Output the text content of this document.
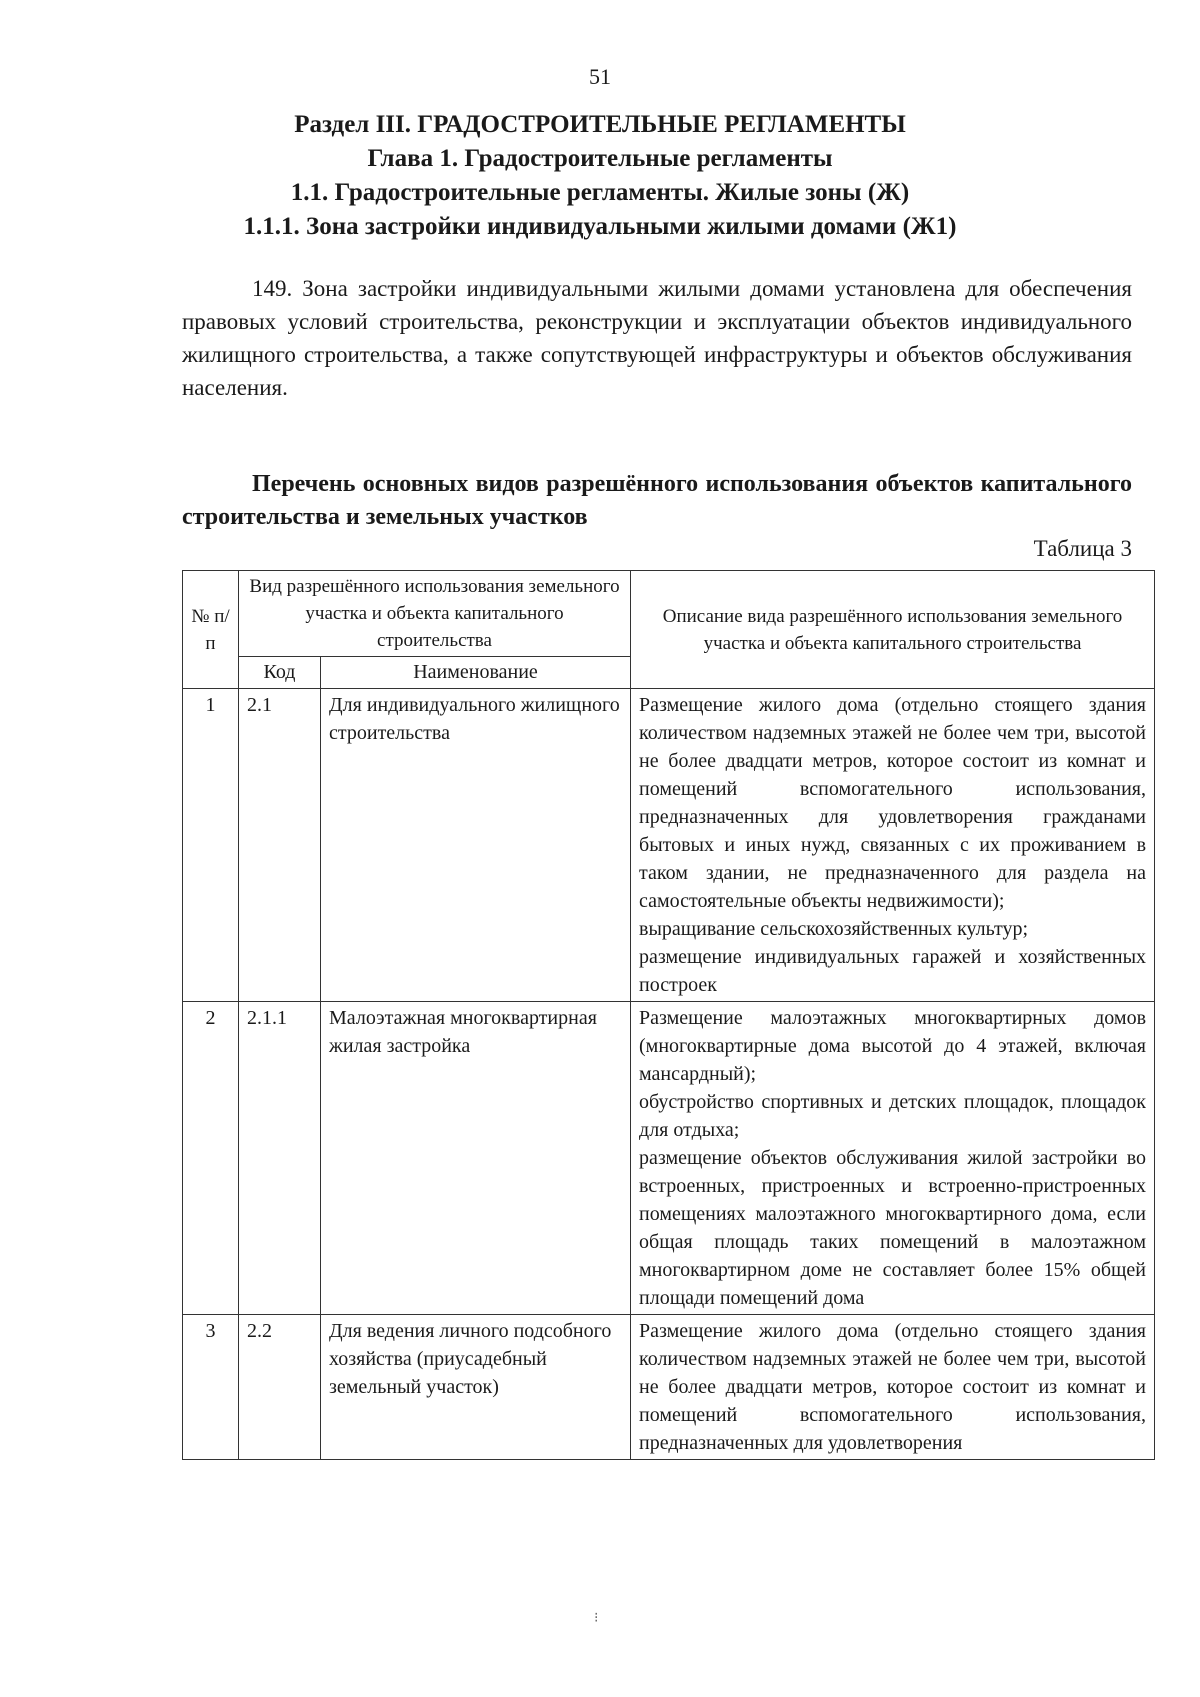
51
Раздел III. ГРАДОСТРОИТЕЛЬНЫЕ РЕГЛАМЕНТЫ
Глава 1. Градостроительные регламенты
1.1. Градостроительные регламенты. Жилые зоны (Ж)
1.1.1. Зона застройки индивидуальными жилыми домами (Ж1)
149. Зона застройки индивидуальными жилыми домами установлена для обеспечения правовых условий строительства, реконструкции и эксплуатации объектов индивидуального жилищного строительства, а также сопутствующей инфраструктуры и объектов обслуживания населения.
Перечень основных видов разрешённого использования объектов капитального строительства и земельных участков
Таблица 3
№ п/п	Вид разрешённого использования земельного участка и объекта капитального строительства		Описание вида разрешённого использования земельного участка и объекта капитального строительства
	Код	Наименование	
1	2.1	Для индивидуального жилищного строительства	Размещение жилого дома (отдельно стоящего здания количеством надземных этажей не более чем три, высотой не более двадцати метров, которое состоит из комнат и помещений вспомогательного использования, предназначенных для удовлетворения гражданами бытовых и иных нужд, связанных с их проживанием в таком здании, не предназначенного для раздела на самостоятельные объекты недвижимости);
выращивание сельскохозяйственных культур;
размещение индивидуальных гаражей и хозяйственных построек

2	2.1.1	Малоэтажная многоквартирная жилая застройка	Размещение малоэтажных многоквартирных домов (многоквартирные дома высотой до 4 этажей, включая мансардный);
обустройство спортивных и детских площадок, площадок для отдыха;
размещение объектов обслуживания жилой застройки во встроенных, пристроенных и встроенно-пристроенных помещениях малоэтажного многоквартирного дома, если общая площадь таких помещений в малоэтажном многоквартирном доме не составляет более 15% общей площади помещений дома

3	2.2	Для ведения личного подсобного хозяйства (приусадебный земельный участок)	Размещение жилого дома (отдельно стоящего здания количеством надземных этажей не более чем три, высотой не более двадцати метров, которое состоит из комнат и помещений вспомогательного использования, предназначенных для удовлетворения
⁝
